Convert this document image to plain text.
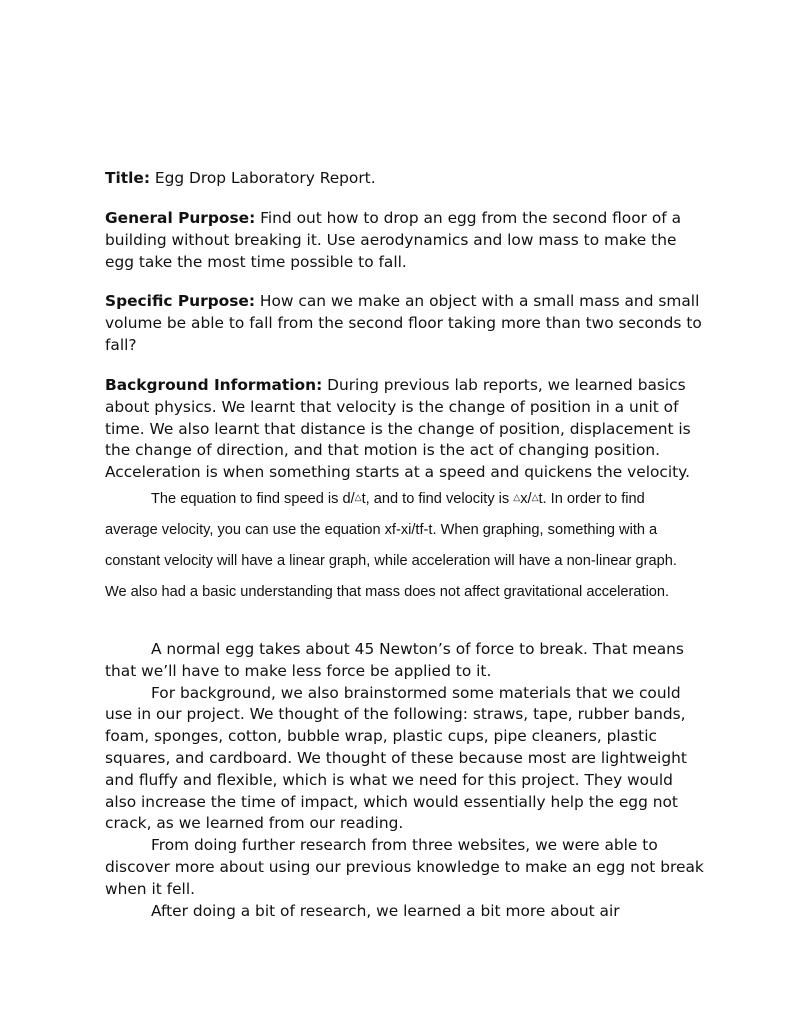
Title: Egg Drop Laboratory Report.

General Purpose: Find out how to drop an egg from the second floor of a building without breaking it. Use aerodynamics and low mass to make the egg take the most time possible to fall.

Specific Purpose: How can we make an object with a small mass and small volume be able to fall from the second floor taking more than two seconds to fall?

Background Information: During previous lab reports, we learned basics about physics. We learnt that velocity is the change of position in a unit of time. We also learnt that distance is the change of position, displacement is the change of direction, and that motion is the act of changing position. Acceleration is when something starts at a speed and quickens the velocity.

The equation to find speed is d/△t, and to find velocity is △x/△t. In order to find average velocity, you can use the equation xf-xi/tf-t. When graphing, something with a constant velocity will have a linear graph, while acceleration will have a non-linear graph. We also had a basic understanding that mass does not affect gravitational acceleration.

A normal egg takes about 45 Newton’s of force to break. That means that we’ll have to make less force be applied to it.

For background, we also brainstormed some materials that we could use in our project. We thought of the following: straws, tape, rubber bands, foam, sponges, cotton, bubble wrap, plastic cups, pipe cleaners, plastic squares, and cardboard. We thought of these because most are lightweight and fluffy and flexible, which is what we need for this project. They would also increase the time of impact, which would essentially help the egg not crack, as we learned from our reading.

From doing further research from three websites, we were able to discover more about using our previous knowledge to make an egg not break when it fell.

After doing a bit of research, we learned a bit more about air
